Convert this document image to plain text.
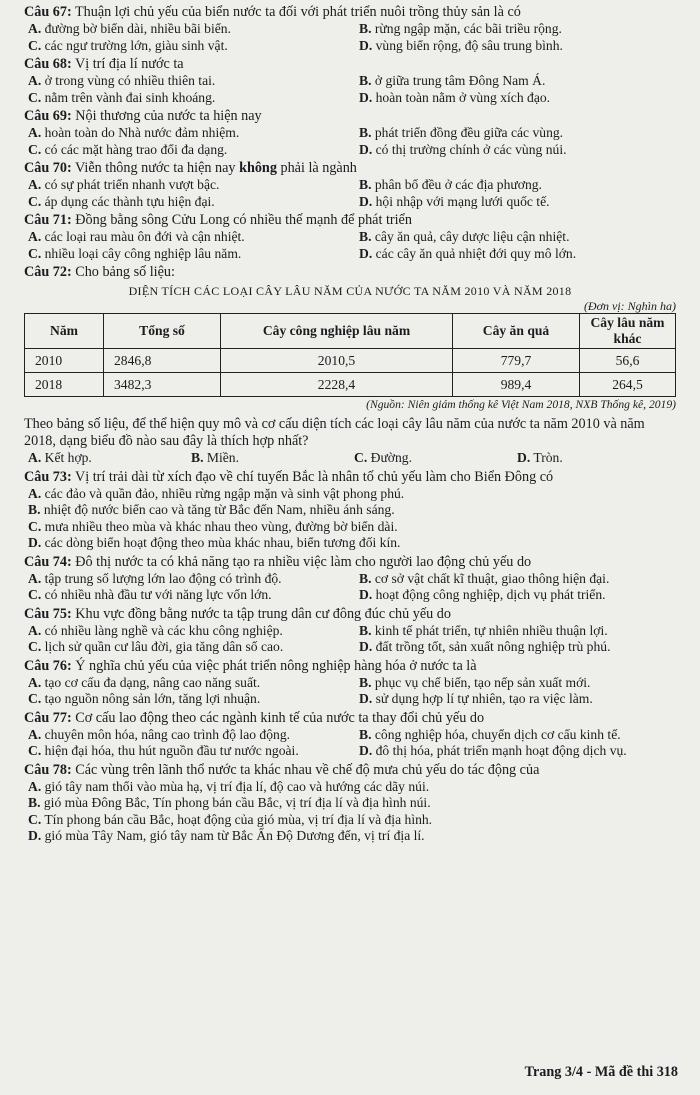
Câu 67: Thuận lợi chủ yếu của biển nước ta đối với phát triển nuôi trồng thủy sản là có
A. đường bờ biển dài, nhiều bãi biển.	B. rừng ngập mặn, các bãi triều rộng.
C. các ngư trường lớn, giàu sinh vật.	D. vùng biển rộng, độ sâu trung bình.
Câu 68: Vị trí địa lí nước ta
A. ở trong vùng có nhiều thiên tai.	B. ở giữa trung tâm Đông Nam Á.
C. nằm trên vành đai sinh khoáng.	D. hoàn toàn nằm ở vùng xích đạo.
Câu 69: Nội thương của nước ta hiện nay
A. hoàn toàn do Nhà nước đảm nhiệm.	B. phát triển đồng đều giữa các vùng.
C. có các mặt hàng trao đổi đa dạng.	D. có thị trường chính ở các vùng núi.
Câu 70: Viễn thông nước ta hiện nay không phải là ngành
A. có sự phát triển nhanh vượt bậc.	B. phân bố đều ở các địa phương.
C. áp dụng các thành tựu hiện đại.	D. hội nhập với mạng lưới quốc tế.
Câu 71: Đồng bằng sông Cửu Long có nhiều thế mạnh để phát triển
A. các loại rau màu ôn đới và cận nhiệt.	B. cây ăn quả, cây dược liệu cận nhiệt.
C. nhiều loại cây công nghiệp lâu năm.	D. các cây ăn quả nhiệt đới quy mô lớn.
Câu 72: Cho bảng số liệu:
DIỆN TÍCH CÁC LOẠI CÂY LÂU NĂM CỦA NƯỚC TA NĂM 2010 VÀ NĂM 2018
(Đơn vị: Nghìn ha)
Năm	Tổng số	Cây công nghiệp lâu năm	Cây ăn quả	Cây lâu năm khác
2010	2846,8	2010,5	779,7	56,6
2018	3482,3	2228,4	989,4	264,5
(Nguồn: Niên giám thống kê Việt Nam 2018, NXB Thống kê, 2019)
Theo bảng số liệu, để thể hiện quy mô và cơ cấu diện tích các loại cây lâu năm của nước ta năm 2010 và năm 2018, dạng biểu đồ nào sau đây là thích hợp nhất?
A. Kết hợp.	B. Miền.	C. Đường.	D. Tròn.
Câu 73: Vị trí trải dài từ xích đạo về chí tuyến Bắc là nhân tố chủ yếu làm cho Biển Đông có
A. các đảo và quần đảo, nhiều rừng ngập mặn và sinh vật phong phú.
B. nhiệt độ nước biển cao và tăng từ Bắc đến Nam, nhiều ánh sáng.
C. mưa nhiều theo mùa và khác nhau theo vùng, đường bờ biển dài.
D. các dòng biển hoạt động theo mùa khác nhau, biển tương đối kín.
Câu 74: Đô thị nước ta có khả năng tạo ra nhiều việc làm cho người lao động chủ yếu do
A. tập trung số lượng lớn lao động có trình độ.	B. cơ sở vật chất kĩ thuật, giao thông hiện đại.
C. có nhiều nhà đầu tư với năng lực vốn lớn.	D. hoạt động công nghiệp, dịch vụ phát triển.
Câu 75: Khu vực đồng bằng nước ta tập trung dân cư đông đúc chủ yếu do
A. có nhiều làng nghề và các khu công nghiệp.	B. kinh tế phát triển, tự nhiên nhiều thuận lợi.
C. lịch sử quần cư lâu đời, gia tăng dân số cao.	D. đất trồng tốt, sản xuất nông nghiệp trù phú.
Câu 76: Ý nghĩa chủ yếu của việc phát triển nông nghiệp hàng hóa ở nước ta là
A. tạo cơ cấu đa dạng, nâng cao năng suất.	B. phục vụ chế biến, tạo nếp sản xuất mới.
C. tạo nguồn nông sản lớn, tăng lợi nhuận.	D. sử dụng hợp lí tự nhiên, tạo ra việc làm.
Câu 77: Cơ cấu lao động theo các ngành kinh tế của nước ta thay đổi chủ yếu do
A. chuyên môn hóa, nâng cao trình độ lao động.	B. công nghiệp hóa, chuyển dịch cơ cấu kinh tế.
C. hiện đại hóa, thu hút nguồn đầu tư nước ngoài.	D. đô thị hóa, phát triển mạnh hoạt động dịch vụ.
Câu 78: Các vùng trên lãnh thổ nước ta khác nhau về chế độ mưa chủ yếu do tác động của
A. gió tây nam thổi vào mùa hạ, vị trí địa lí, độ cao và hướng các dãy núi.
B. gió mùa Đông Bắc, Tín phong bán cầu Bắc, vị trí địa lí và địa hình núi.
C. Tín phong bán cầu Bắc, hoạt động của gió mùa, vị trí địa lí và địa hình.
D. gió mùa Tây Nam, gió tây nam từ Bắc Ấn Độ Dương đến, vị trí địa lí.
Trang 3/4 - Mã đề thi 318
